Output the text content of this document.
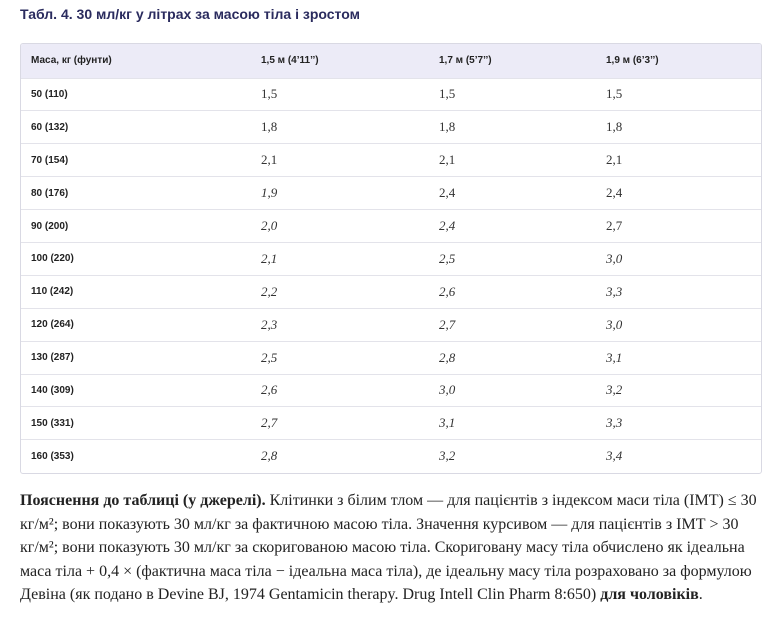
Табл. 4. 30 мл/кг у літрах за масою тіла і зростом
Маса, кг (фунти)	1,5 м (4’11’’)	1,7 м (5’7’’)	1,9 м (6’3’’)
50 (110)	1,5	1,5	1,5
60 (132)	1,8	1,8	1,8
70 (154)	2,1	2,1	2,1
80 (176)	1,9	2,4	2,4
90 (200)	2,0	2,4	2,7
100 (220)	2,1	2,5	3,0
110 (242)	2,2	2,6	3,3
120 (264)	2,3	2,7	3,0
130 (287)	2,5	2,8	3,1
140 (309)	2,6	3,0	3,2
150 (331)	2,7	3,1	3,3
160 (353)	2,8	3,2	3,4
Пояснення до таблиці (у джерелі). Клітинки з білим тлом — для пацієнтів з індексом маси тіла (ІМТ) ≤ 30 кг/м²; вони показують 30 мл/кг за фактичною масою тіла. Значення курсивом — для пацієнтів з ІМТ > 30 кг/м²; вони показують 30 мл/кг за скоригованою масою тіла. Скориговану масу тіла обчислено як ідеальна маса тіла + 0,4 × (фактична маса тіла − ідеальна маса тіла), де ідеальну масу тіла розраховано за формулою Девіна (як подано в Devine BJ, 1974 Gentamicin therapy. Drug Intell Clin Pharm 8:650) для чоловіків.
